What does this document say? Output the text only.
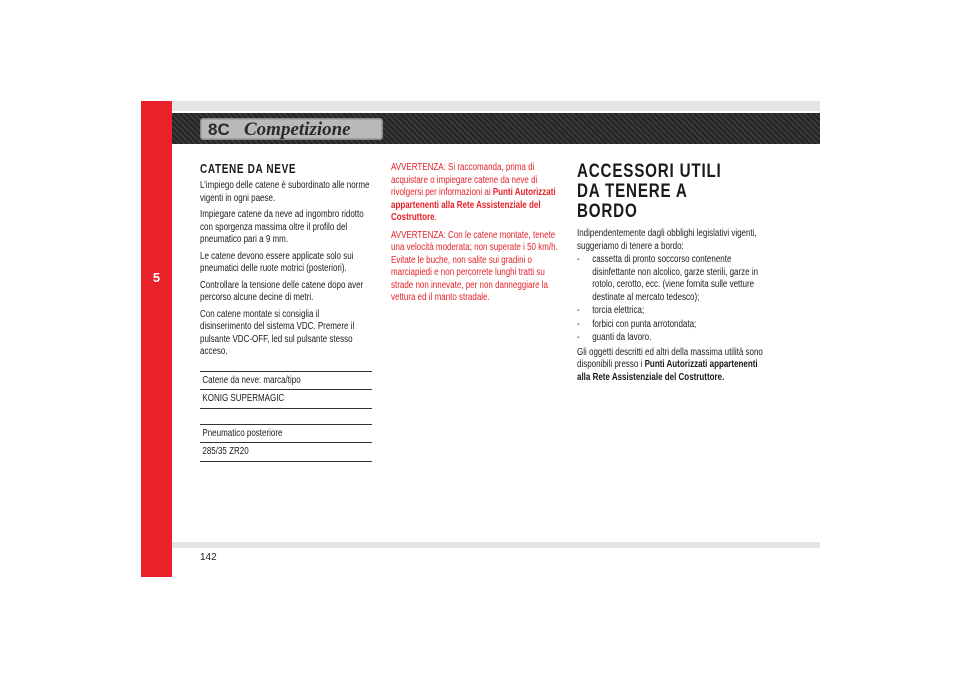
5
8C Competizione
CATENE DA NEVE

L’impiego delle catene è subordinato alle norme vigenti in ogni paese.

Impiegare catene da neve ad ingombro ridotto con sporgenza massima oltre il profilo del pneumatico pari a 9 mm.

Le catene devono essere applicate solo sui pneumatici delle ruote motrici (posteriori).

Controllare la tensione delle catene dopo aver percorso alcune decine di metri.

Con catene montate si consiglia il disinserimento del sistema VDC. Premere il pulsante VDC-OFF, led sul pulsante stesso acceso.

Catene da neve: marca/tipo
KONIG SUPERMAGIC
Pneumatico posteriore
285/35 ZR20

AVVERTENZA: Si raccomanda, prima di acquistare o impiegare catene da neve di rivolgersi per informazioni ai Punti Autorizzati appartenenti alla Rete Assistenziale del Costruttore.

AVVERTENZA: Con le catene montate, tenete una velocità moderata; non superate i 50 km/h. Evitate le buche, non salite sui gradini o marciapiedi e non percorrete lunghi tratti su strade non innevate, per non danneggiare la vettura ed il manto stradale.

ACCESSORI UTILI DA TENERE A BORDO

Indipendentemente dagli obblighi legislativi vigenti, suggeriamo di tenere a bordo:

- cassetta di pronto soccorso contenente disinfettante non alcolico, garze sterili, garze in rotolo, cerotto, ecc. (viene fornita sulle vetture destinate al mercato tedesco);
- torcia elettrica;
- forbici con punta arrotondata;
- guanti da lavoro.

Gli oggetti descritti ed altri della massima utilità sono disponibili presso i Punti Autorizzati appartenenti alla Rete Assistenziale del Costruttore.

142
